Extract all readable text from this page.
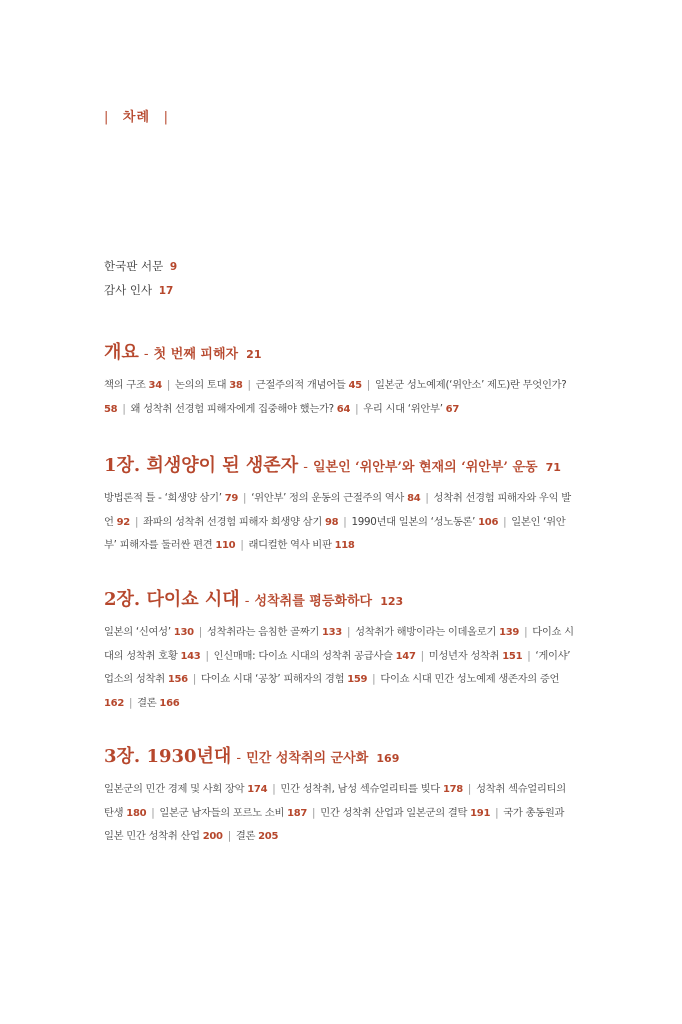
| 차례 |
한국판 서문 9
감사 인사 17
개요 - 첫 번째 피해자 21
책의 구조 34 | 논의의 토대 38 | 근절주의적 개념어들 45 | 일본군 성노예제(‘위안소’ 제도)란 무엇인가? 58 | 왜 성착취 선경험 피해자에게 집중해야 했는가? 64 | 우리 시대 ‘위안부’ 67
1장. 희생양이 된 생존자 - 일본인 ‘위안부’와 현재의 ‘위안부’ 운동 71
방법론적 틀 - ‘희생양 삼기’ 79 | ‘위안부’ 정의 운동의 근절주의 역사 84 | 성착취 선경험 피해자와 우익 발언 92 | 좌파의 성착취 선경험 피해자 희생양 삼기 98 | 1990년대 일본의 ‘성노동론’ 106 | 일본인 ‘위안부’ 피해자를 둘러싼 편견 110 | 래디컬한 역사 비판 118
2장. 다이쇼 시대 - 성착취를 평등화하다 123
일본의 ‘신여성’ 130 | 성착취라는 음침한 골짜기 133 | 성착취가 해방이라는 이데올로기 139 | 다이쇼 시대의 성착취 호황 143 | 인신매매: 다이쇼 시대의 성착취 공급사슬 147 | 미성년자 성착취 151 | ‘게이샤’ 업소의 성착취 156 | 다이쇼 시대 ‘공창’ 피해자의 경험 159 | 다이쇼 시대 민간 성노예제 생존자의 증언 162 | 결론 166
3장. 1930년대 - 민간 성착취의 군사화 169
일본군의 민간 경제 및 사회 장악 174 | 민간 성착취, 남성 섹슈얼리티를 빚다 178 | 성착취 섹슈얼리티의 탄생 180 | 일본군 남자들의 포르노 소비 187 | 민간 성착취 산업과 일본군의 결탁 191 | 국가 총동원과 일본 민간 성착취 산업 200 | 결론 205
